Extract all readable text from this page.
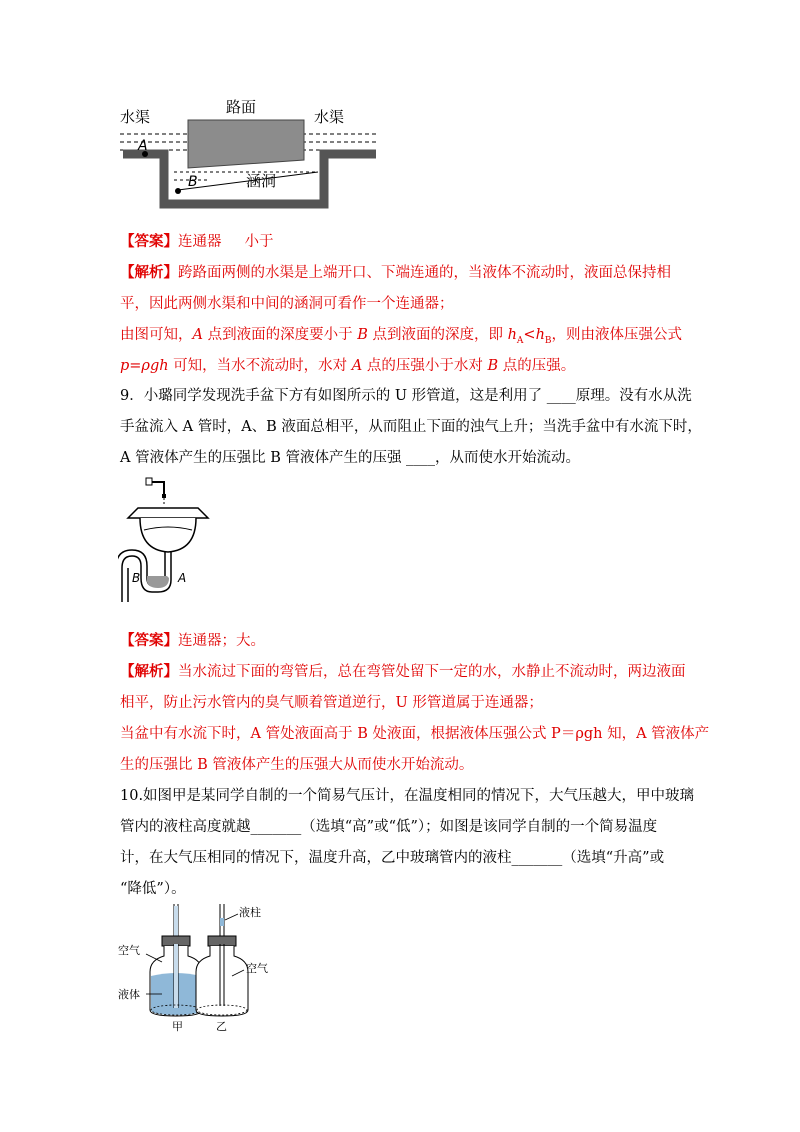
水渠
路面
水渠
涵洞
A
B
【答案】连通器     小于
【解析】跨路面两侧的水渠是上端开口、下端连通的，当液体不流动时，液面总保持相
平，因此两侧水渠和中间的涵洞可看作一个连通器；
由图可知，A 点到液面的深度要小于 B 点到液面的深度，即 $h_A<h_B$，则由液体压强公式
p=ρgh 可知，当水不流动时，水对 A 点的压强小于水对 B 点的压强。
9．小璐同学发现洗手盆下方有如图所示的 U 形管道，这是利用了 ____原理。没有水从洗
手盆流入 A 管时，A、B 液面总相平，从而阻止下面的浊气上升；当洗手盆中有水流下时，
A 管液体产生的压强比 B 管液体产生的压强 ____，从而使水开始流动。
B	A
【答案】连通器；大。
【解析】当水流过下面的弯管后，总在弯管处留下一定的水，水静止不流动时，两边液面
相平，防止污水管内的臭气顺着管道逆行，U 形管道属于连通器；
当盆中有水流下时，A 管处液面高于 B 处液面，根据液体压强公式 P＝ρgh 知，A 管液体产
生的压强比 B 管液体产生的压强大从而使水开始流动。
10.如图甲是某同学自制的一个简易气压计，在温度相同的情况下，大气压越大，甲中玻璃
管内的液柱高度就越_______（选填“高”或“低”）；如图是该同学自制的一个简易温度
计，在大气压相同的情况下，温度升高，乙中玻璃管内的液柱_______（选填“升高”或
“降低”）。
空气
液体
液柱
空气
甲	乙
